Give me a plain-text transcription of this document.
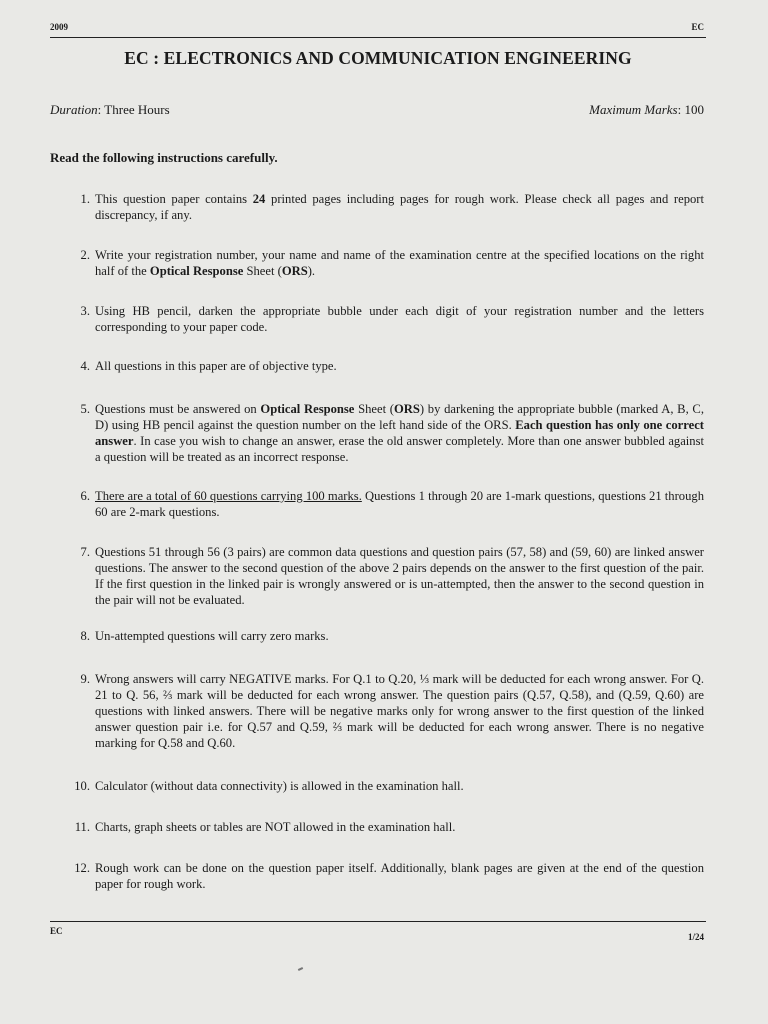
2009	EC
EC : ELECTRONICS AND COMMUNICATION ENGINEERING
Duration: Three Hours	Maximum Marks: 100
Read the following instructions carefully.
1. This question paper contains 24 printed pages including pages for rough work. Please check all pages and report discrepancy, if any.
2. Write your registration number, your name and name of the examination centre at the specified locations on the right half of the Optical Response Sheet (ORS).
3. Using HB pencil, darken the appropriate bubble under each digit of your registration number and the letters corresponding to your paper code.
4. All questions in this paper are of objective type.
5. Questions must be answered on Optical Response Sheet (ORS) by darkening the appropriate bubble (marked A, B, C, D) using HB pencil against the question number on the left hand side of the ORS. Each question has only one correct answer. In case you wish to change an answer, erase the old answer completely. More than one answer bubbled against a question will be treated as an incorrect response.
6. There are a total of 60 questions carrying 100 marks. Questions 1 through 20 are 1-mark questions, questions 21 through 60 are 2-mark questions.
7. Questions 51 through 56 (3 pairs) are common data questions and question pairs (57, 58) and (59, 60) are linked answer questions. The answer to the second question of the above 2 pairs depends on the answer to the first question of the pair. If the first question in the linked pair is wrongly answered or is un-attempted, then the answer to the second question in the pair will not be evaluated.
8. Un-attempted questions will carry zero marks.
9. Wrong answers will carry NEGATIVE marks. For Q.1 to Q.20, ⅓ mark will be deducted for each wrong answer. For Q. 21 to Q. 56, ⅔ mark will be deducted for each wrong answer. The question pairs (Q.57, Q.58), and (Q.59, Q.60) are questions with linked answers. There will be negative marks only for wrong answer to the first question of the linked answer question pair i.e. for Q.57 and Q.59, ⅔ mark will be deducted for each wrong answer. There is no negative marking for Q.58 and Q.60.
10. Calculator (without data connectivity) is allowed in the examination hall.
11. Charts, graph sheets or tables are NOT allowed in the examination hall.
12. Rough work can be done on the question paper itself. Additionally, blank pages are given at the end of the question paper for rough work.
EC
1/24
